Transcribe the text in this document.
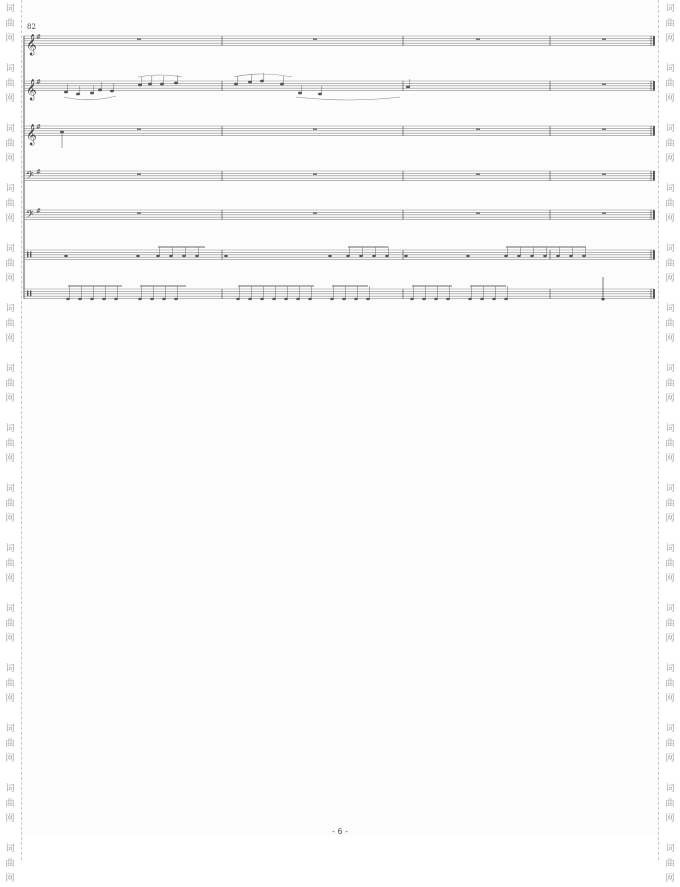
词
曲
网
词
曲
网
词
曲
网
词
曲
网
词
曲
网
词
曲
网
词
曲
网
词
曲
网
词
曲
网
词
曲
网
词
曲
网
词
曲
网
词
曲
网
词
曲
网
词
曲
网
词
曲
网
词
曲
网
词
曲
网
词
曲
网
词
曲
网
词
曲
网
词
曲
网
词
曲
网
词
曲
网
词
曲
网
词
曲
网
词
曲
网
词
曲
网
词
曲
网
词
曲
网
82
𝄞 #
𝄞 #
𝄞 #
𝄢 #
𝄢 #
- 6 -
